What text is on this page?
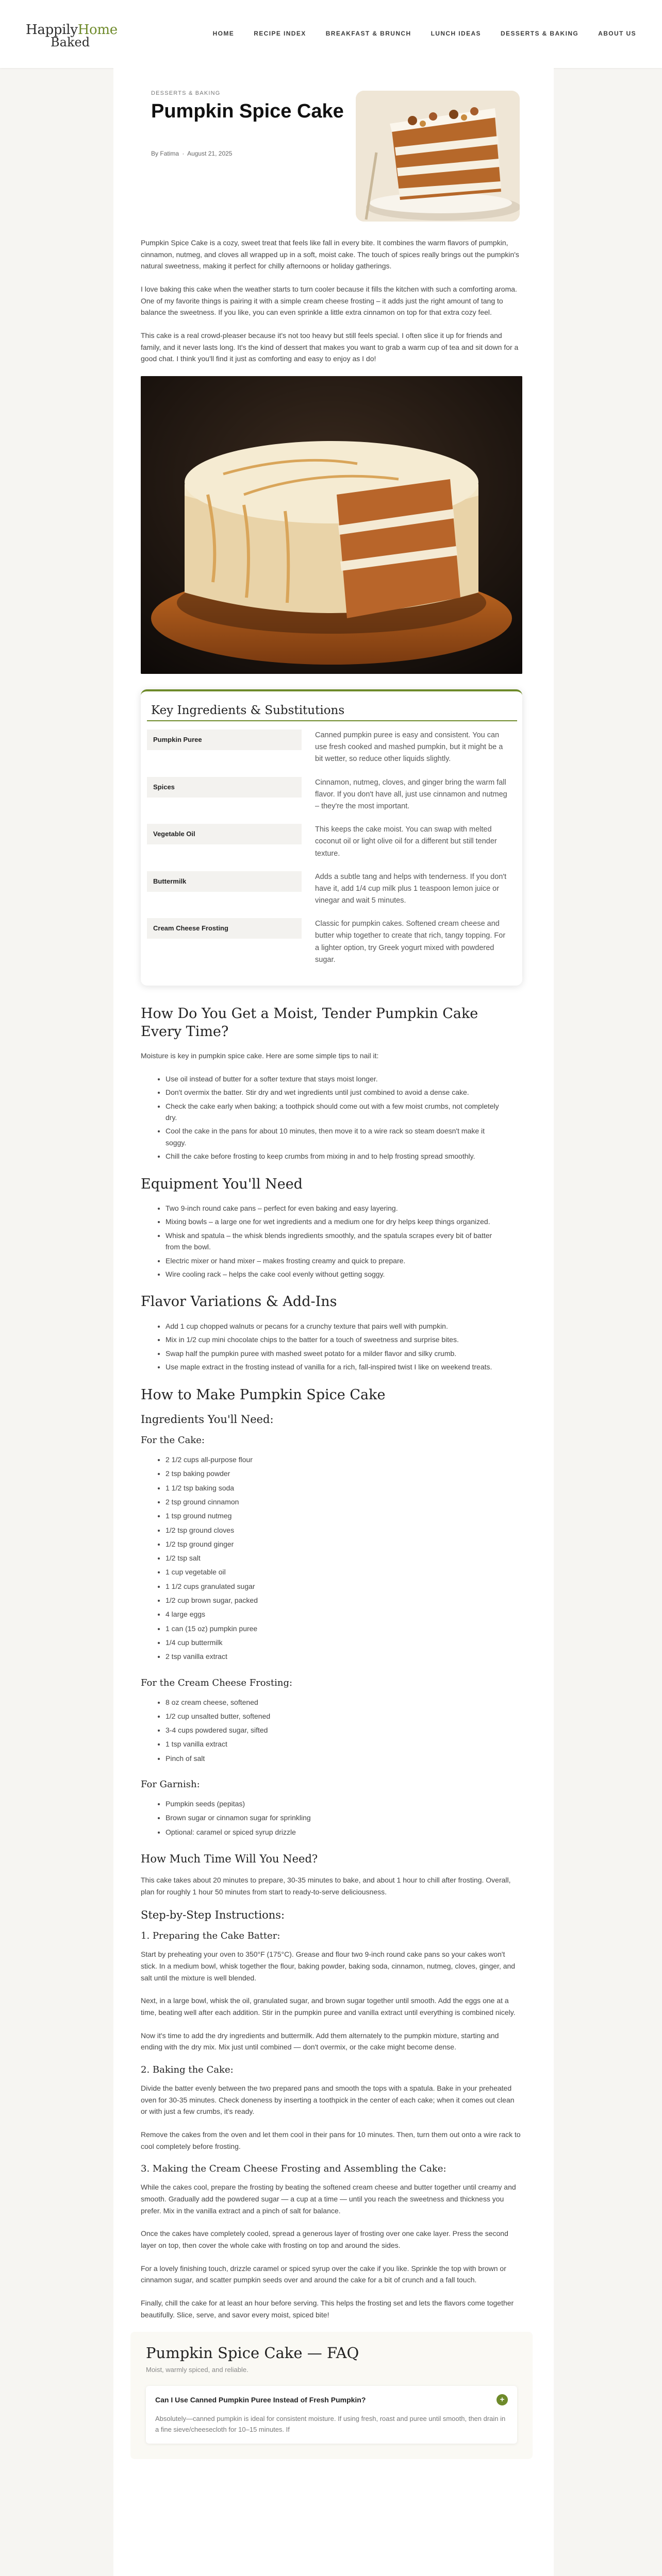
HappilyHome
Baked
HOME	RECIPE INDEX	BREAKFAST & BRUNCH	LUNCH IDEAS	DESSERTS & BAKING	ABOUT US
DESSERTS & BAKING
Pumpkin Spice Cake
By Fatima · August 21, 2025

Pumpkin Spice Cake is a cozy, sweet treat that feels like fall in every bite. It combines the warm flavors of pumpkin, cinnamon, nutmeg, and cloves all wrapped up in a soft, moist cake. The touch of spices really brings out the pumpkin's natural sweetness, making it perfect for chilly afternoons or holiday gatherings.

I love baking this cake when the weather starts to turn cooler because it fills the kitchen with such a comforting aroma. One of my favorite things is pairing it with a simple cream cheese frosting – it adds just the right amount of tang to balance the sweetness. If you like, you can even sprinkle a little extra cinnamon on top for that extra cozy feel.

This cake is a real crowd-pleaser because it's not too heavy but still feels special. I often slice it up for friends and family, and it never lasts long. It's the kind of dessert that makes you want to grab a warm cup of tea and sit down for a good chat. I think you'll find it just as comforting and easy to enjoy as I do!

Key Ingredients & Substitutions
Pumpkin Puree
Canned pumpkin puree is easy and consistent. You can use fresh cooked and mashed pumpkin, but it might be a bit wetter, so reduce other liquids slightly.
Spices
Cinnamon, nutmeg, cloves, and ginger bring the warm fall flavor. If you don't have all, just use cinnamon and nutmeg – they're the most important.
Vegetable Oil
This keeps the cake moist. You can swap with melted coconut oil or light olive oil for a different but still tender texture.
Buttermilk
Adds a subtle tang and helps with tenderness. If you don't have it, add 1/4 cup milk plus 1 teaspoon lemon juice or vinegar and wait 5 minutes.
Cream Cheese Frosting
Classic for pumpkin cakes. Softened cream cheese and butter whip together to create that rich, tangy topping. For a lighter option, try Greek yogurt mixed with powdered sugar.
How Do You Get a Moist, Tender Pumpkin Cake Every Time?

Moisture is key in pumpkin spice cake. Here are some simple tips to nail it:

• Use oil instead of butter for a softer texture that stays moist longer.
• Don't overmix the batter. Stir dry and wet ingredients until just combined to avoid a dense cake.
• Check the cake early when baking; a toothpick should come out with a few moist crumbs, not completely dry.
• Cool the cake in the pans for about 10 minutes, then move it to a wire rack so steam doesn't make it soggy.
• Chill the cake before frosting to keep crumbs from mixing in and to help frosting spread smoothly.
Equipment You'll Need
• Two 9-inch round cake pans – perfect for even baking and easy layering.
• Mixing bowls – a large one for wet ingredients and a medium one for dry helps keep things organized.
• Whisk and spatula – the whisk blends ingredients smoothly, and the spatula scrapes every bit of batter from the bowl.
• Electric mixer or hand mixer – makes frosting creamy and quick to prepare.
• Wire cooling rack – helps the cake cool evenly without getting soggy.
Flavor Variations & Add-Ins
• Add 1 cup chopped walnuts or pecans for a crunchy texture that pairs well with pumpkin.
• Mix in 1/2 cup mini chocolate chips to the batter for a touch of sweetness and surprise bites.
• Swap half the pumpkin puree with mashed sweet potato for a milder flavor and silky crumb.
• Use maple extract in the frosting instead of vanilla for a rich, fall-inspired twist I like on weekend treats.
How to Make Pumpkin Spice Cake
Ingredients You'll Need:
For the Cake:
• 2 1/2 cups all-purpose flour
• 2 tsp baking powder
• 1 1/2 tsp baking soda
• 2 tsp ground cinnamon
• 1 tsp ground nutmeg
• 1/2 tsp ground cloves
• 1/2 tsp ground ginger
• 1/2 tsp salt
• 1 cup vegetable oil
• 1 1/2 cups granulated sugar
• 1/2 cup brown sugar, packed
• 4 large eggs
• 1 can (15 oz) pumpkin puree
• 1/4 cup buttermilk
• 2 tsp vanilla extract
For the Cream Cheese Frosting:
• 8 oz cream cheese, softened
• 1/2 cup unsalted butter, softened
• 3-4 cups powdered sugar, sifted
• 1 tsp vanilla extract
• Pinch of salt
For Garnish:
• Pumpkin seeds (pepitas)
• Brown sugar or cinnamon sugar for sprinkling
• Optional: caramel or spiced syrup drizzle
How Much Time Will You Need?

This cake takes about 20 minutes to prepare, 30-35 minutes to bake, and about 1 hour to chill after frosting. Overall, plan for roughly 1 hour 50 minutes from start to ready-to-serve deliciousness.

Step-by-Step Instructions:
1. Preparing the Cake Batter:

Start by preheating your oven to 350°F (175°C). Grease and flour two 9-inch round cake pans so your cakes won't stick. In a medium bowl, whisk together the flour, baking powder, baking soda, cinnamon, nutmeg, cloves, ginger, and salt until the mixture is well blended.

Next, in a large bowl, whisk the oil, granulated sugar, and brown sugar together until smooth. Add the eggs one at a time, beating well after each addition. Stir in the pumpkin puree and vanilla extract until everything is combined nicely.

Now it's time to add the dry ingredients and buttermilk. Add them alternately to the pumpkin mixture, starting and ending with the dry mix. Mix just until combined — don't overmix, or the cake might become dense.

2. Baking the Cake:

Divide the batter evenly between the two prepared pans and smooth the tops with a spatula. Bake in your preheated oven for 30-35 minutes. Check doneness by inserting a toothpick in the center of each cake; when it comes out clean or with just a few crumbs, it's ready.

Remove the cakes from the oven and let them cool in their pans for 10 minutes. Then, turn them out onto a wire rack to cool completely before frosting.

3. Making the Cream Cheese Frosting and Assembling the Cake:

While the cakes cool, prepare the frosting by beating the softened cream cheese and butter together until creamy and smooth. Gradually add the powdered sugar — a cup at a time — until you reach the sweetness and thickness you prefer. Mix in the vanilla extract and a pinch of salt for balance.

Once the cakes have completely cooled, spread a generous layer of frosting over one cake layer. Press the second layer on top, then cover the whole cake with frosting on top and around the sides.

For a lovely finishing touch, drizzle caramel or spiced syrup over the cake if you like. Sprinkle the top with brown or cinnamon sugar, and scatter pumpkin seeds over and around the cake for a bit of crunch and a fall touch.

Finally, chill the cake for at least an hour before serving. This helps the frosting set and lets the flavors come together beautifully. Slice, serve, and savor every moist, spiced bite!

Pumpkin Spice Cake — FAQ
Moist, warmly spiced, and reliable.
Can I Use Canned Pumpkin Puree Instead of Fresh Pumpkin?	+
Absolutely—canned pumpkin is ideal for consistent moisture. If using fresh, roast and puree until smooth, then drain in a fine sieve/cheesecloth for 10–15 minutes. If
